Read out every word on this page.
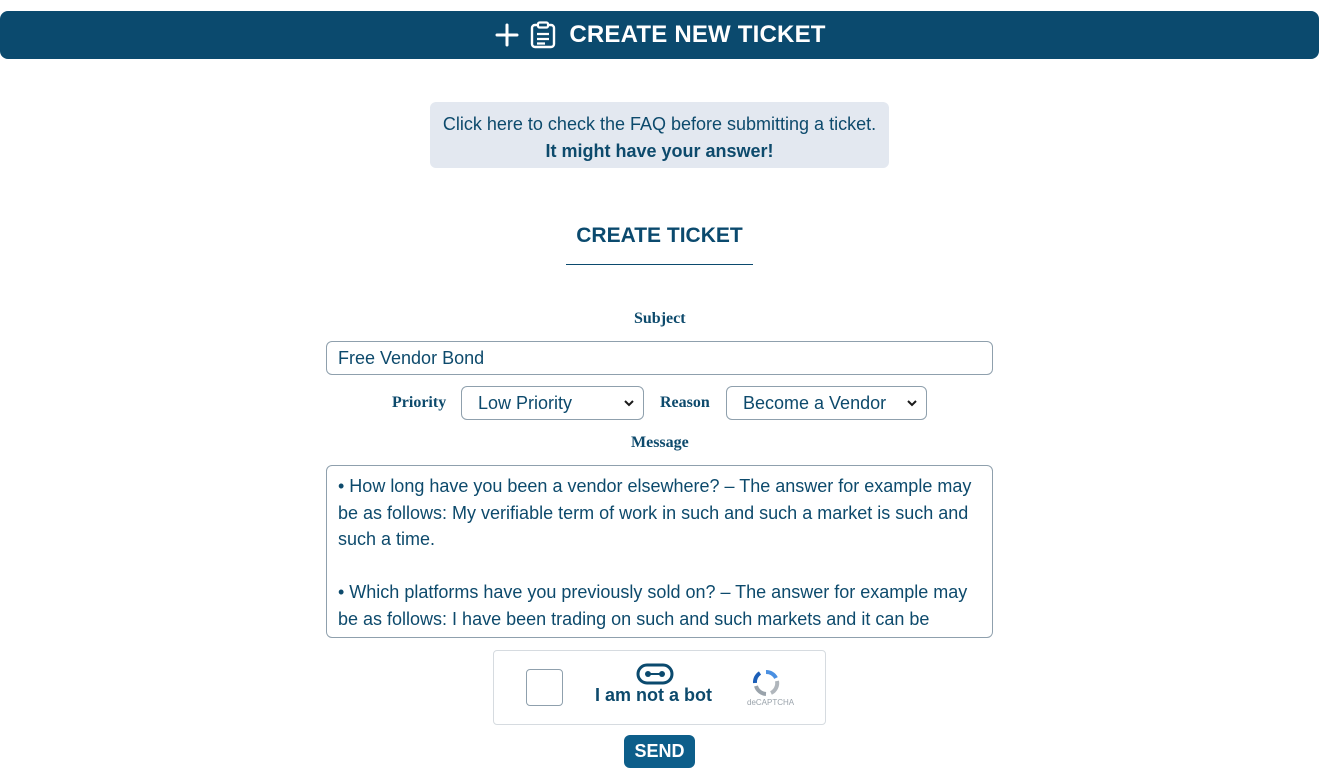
CREATE NEW TICKET
Click here to check the FAQ before submitting a ticket.
It might have your answer!
CREATE TICKET
Subject
Free Vendor Bond
Priority Low Priority	Reason Become a Vendor
Message

• How long have you been a vendor elsewhere? – The answer for example may be as follows: My verifiable term of work in such and such a market is such and such a time.

• Which platforms have you previously sold on? – The answer for example may be as follows: I have been trading on such and such markets and it can be

I am not a bot	deCAPTCHA
SEND
